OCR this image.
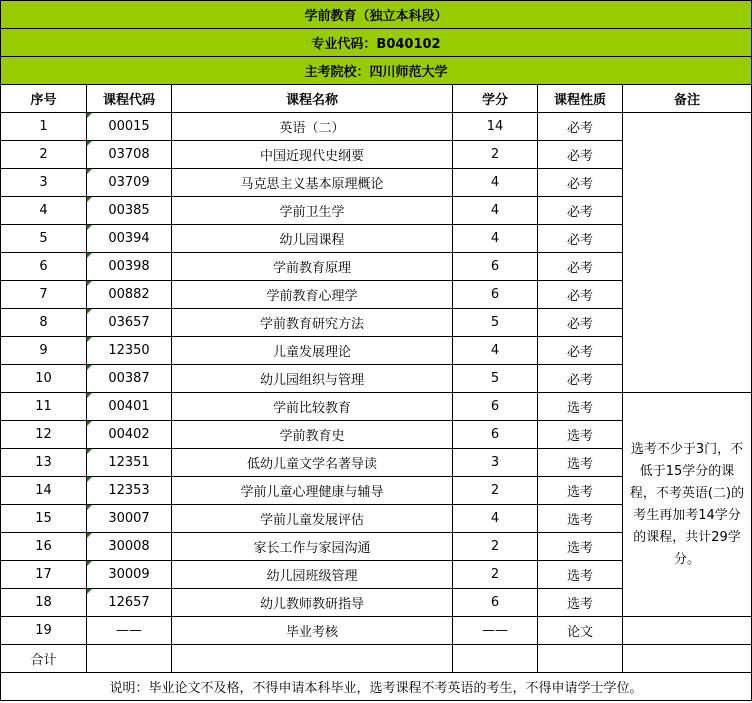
学前教育（独立本科段）					
专业代码：B040102					
主考院校：四川师范大学					
序号	课程代码	课程名称	学分	课程性质	备注
1	00015	英语（二）	14	必考	
2	03708	中国近现代史纲要	2	必考	
3	03709	马克思主义基本原理概论	4	必考	
4	00385	学前卫生学	4	必考	
5	00394	幼儿园课程	4	必考	
6	00398	学前教育原理	6	必考	
7	00882	学前教育心理学	6	必考	
8	03657	学前教育研究方法	5	必考	
9	12350	儿童发展理论	4	必考	
10	00387	幼儿园组织与管理	5	必考	
11	00401	学前比较教育	6	选考	选考不少于3门，不低于15学分的课程，不考英语(二)的考生再加考14学分的课程，共计29学分。
12	00402	学前教育史	6	选考	
13	12351	低幼儿童文学名著导读	3	选考	
14	12353	学前儿童心理健康与辅导	2	选考	
15	30007	学前儿童发展评估	4	选考	
16	30008	家长工作与家园沟通	2	选考	
17	30009	幼儿园班级管理	2	选考	
18	12657	幼儿教师教研指导	6	选考	
19	——	毕业考核	——	论文	
合计					
说明：毕业论文不及格，不得申请本科毕业，选考课程不考英语的考生，不得申请学士学位。					
